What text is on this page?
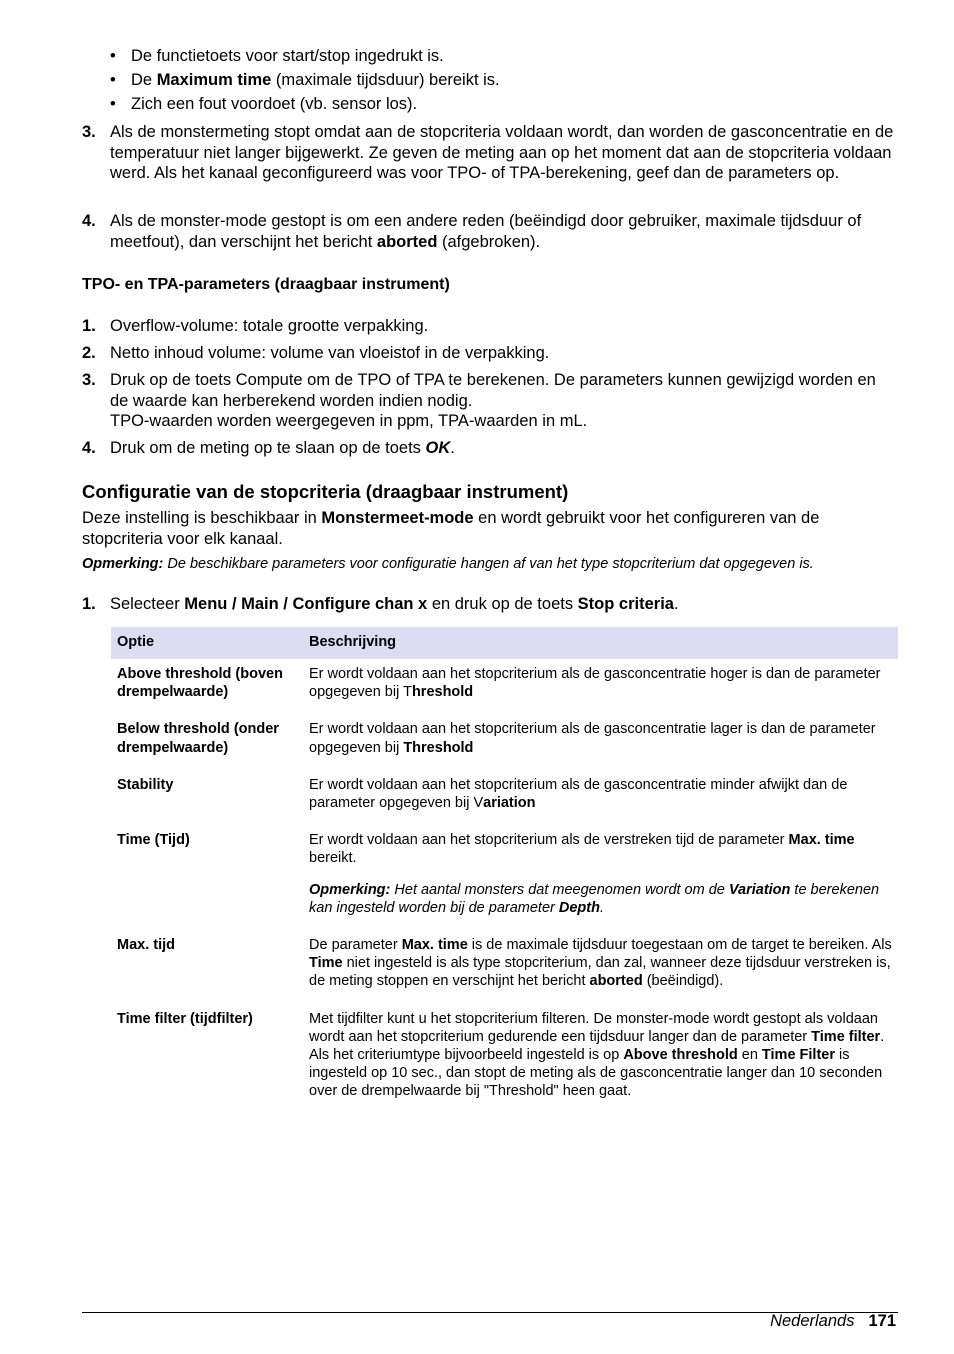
• De functietoets voor start/stop ingedrukt is.
• De Maximum time (maximale tijdsduur) bereikt is.
• Zich een fout voordoet (vb. sensor los).
3. Als de monstermeting stopt omdat aan de stopcriteria voldaan wordt, dan worden de gasconcentratie en de temperatuur niet langer bijgewerkt. Ze geven de meting aan op het moment dat aan de stopcriteria voldaan werd. Als het kanaal geconfigureerd was voor TPO- of TPA-berekening, geef dan de parameters op.
4. Als de monster-mode gestopt is om een andere reden (beëindigd door gebruiker, maximale tijdsduur of meetfout), dan verschijnt het bericht aborted (afgebroken).
TPO- en TPA-parameters (draagbaar instrument)
1. Overflow-volume: totale grootte verpakking.
2. Netto inhoud volume: volume van vloeistof in de verpakking.
3. Druk op de toets Compute om de TPO of TPA te berekenen. De parameters kunnen gewijzigd worden en de waarde kan herberekend worden indien nodig.
TPO-waarden worden weergegeven in ppm, TPA-waarden in mL.
4. Druk om de meting op te slaan op de toets OK.
Configuratie van de stopcriteria (draagbaar instrument)
Deze instelling is beschikbaar in Monstermeet-mode en wordt gebruikt voor het configureren van de stopcriteria voor elk kanaal.
Opmerking: De beschikbare parameters voor configuratie hangen af van het type stopcriterium dat opgegeven is.
1. Selecteer Menu / Main / Configure chan x en druk op de toets Stop criteria.
Optie	Beschrijving
Above threshold (boven drempelwaarde)	Er wordt voldaan aan het stopcriterium als de gasconcentratie hoger is dan de parameter opgegeven bij Threshold
Below threshold (onder drempelwaarde)	Er wordt voldaan aan het stopcriterium als de gasconcentratie lager is dan de parameter opgegeven bij Threshold
Stability	Er wordt voldaan aan het stopcriterium als de gasconcentratie minder afwijkt dan de parameter opgegeven bij Variation
Time (Tijd)	Er wordt voldaan aan het stopcriterium als de verstreken tijd de parameter Max. time bereikt.

Opmerking: Het aantal monsters dat meegenomen wordt om de Variation te berekenen kan ingesteld worden bij de parameter Depth.

Max. tijd	De parameter Max. time is de maximale tijdsduur toegestaan om de target te bereiken. Als Time niet ingesteld is als type stopcriterium, dan zal, wanneer deze tijdsduur verstreken is, de meting stoppen en verschijnt het bericht aborted (beëindigd).
Time filter (tijdfilter)	Met tijdfilter kunt u het stopcriterium filteren. De monster-mode wordt gestopt als voldaan wordt aan het stopcriterium gedurende een tijdsduur langer dan de parameter Time filter.
Als het criteriumtype bijvoorbeeld ingesteld is op Above threshold en Time Filter is ingesteld op 10 sec., dan stopt de meting als de gasconcentratie langer dan 10 seconden over de drempelwaarde bij "Threshold" heen gaat.
Nederlands 171
